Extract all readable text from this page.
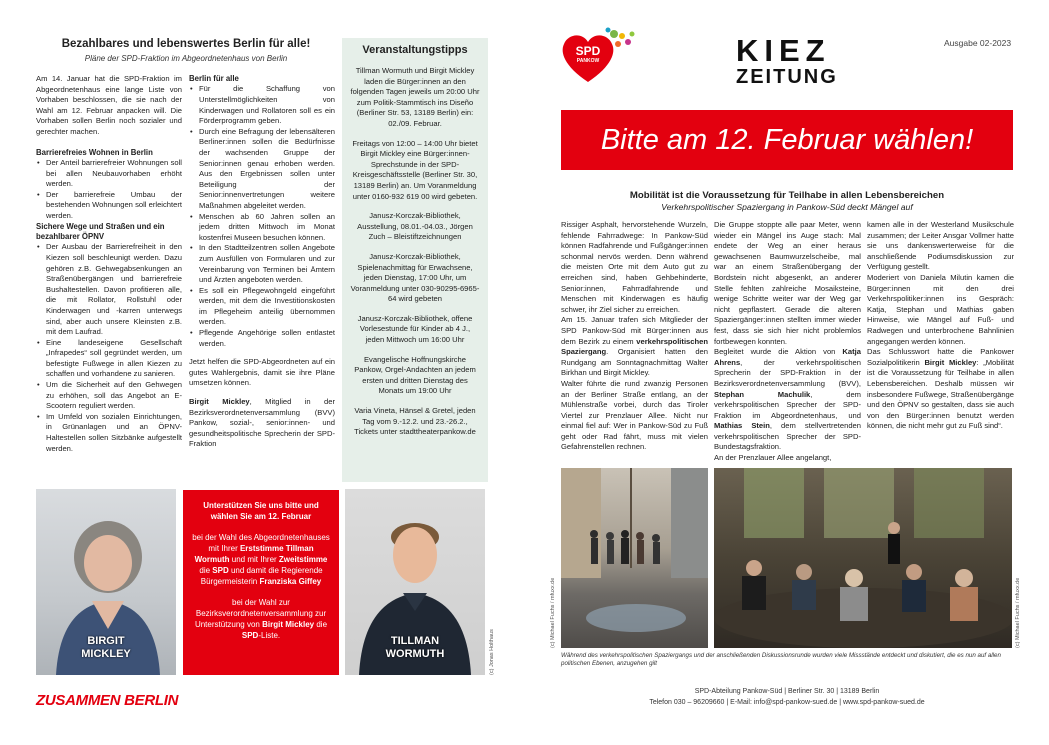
Bezahlbares und lebenswertes Berlin für alle!
Pläne der SPD-Fraktion im Abgeordnetenhaus von Berlin

Am 14. Januar hat die SPD-Fraktion im Abgeordnetenhaus eine lange Liste von Vorhaben beschlossen, die sie nach der Wahl am 12. Februar anpacken will. Die Vorhaben sollen Berlin noch sozialer und gerechter machen.

Barrierefreies Wohnen in Berlin
• Der Anteil barrierefreier Wohnungen soll bei allen Neubauvorhaben erhöht werden.
• Der barrierefreie Umbau der bestehenden Wohnungen soll erleichtert werden.
Sichere Wege und Straßen und ein bezahlbarer ÖPNV
• Der Ausbau der Barrierefreiheit in den Kiezen soll beschleunigt werden. Dazu gehören z.B. Gehwegabsenkungen an Straßenübergängen und barrierefreie Bushaltestellen. Davon profitieren alle, die mit Rollator, Rollstuhl oder Kinderwagen und -karren unterwegs sind, aber auch unsere Kleinsten z.B. mit dem Laufrad.
• Eine landeseigene Gesellschaft „Infrapedes“ soll gegründet werden, um befestigte Fußwege in allen Kiezen zu schaffen und vorhandene zu sanieren.
• Um die Sicherheit auf den Gehwegen zu erhöhen, soll das Angebot an E-Scootern reguliert werden.
• Im Umfeld von sozialen Einrichtungen, in Grünanlagen und an ÖPNV-Haltestellen sollen Sitzbänke aufgestellt werden.
Berlin für alle
• Für die Schaffung von Unterstellmöglichkeiten von Kinderwagen und Rollatoren soll es ein Förderprogramm geben.
• Durch eine Befragung der lebensälteren Berliner:innen sollen die Bedürfnisse der wachsenden Gruppe der Senior:innen genau erhoben werden. Aus den Ergebnissen sollen unter Beteiligung der Senior:innenvertretungen weitere Maßnahmen abgeleitet werden.
• Menschen ab 60 Jahren sollen an jedem dritten Mittwoch im Monat kostenfrei Museen besuchen können.
• In den Stadtteilzentren sollen Angebote zum Ausfüllen von Formularen und zur Vereinbarung von Terminen bei Ämtern und Ärzten angeboten werden.
• Es soll ein Pflegewohngeld eingeführt werden, mit dem die Investitionskosten im Pflegeheim anteilig übernommen werden.
• Pflegende Angehörige sollen entlastet werden.

Jetzt helfen die SPD-Abgeordneten auf ein gutes Wahlergebnis, damit sie ihre Pläne umsetzen können.

Birgit Mickley, Mitglied in der Bezirksverordnetenversammlung (BVV) Pankow, sozial-, senior:innen- und gesundheitspolitische Sprecherin der SPD-Fraktion

Veranstaltungstipps

Tillman Wormuth und Birgit Mickley laden die Bürger:innen an den folgenden Tagen jeweils um 20:00 Uhr zum Politik-Stammtisch ins Diseño (Berliner Str. 53, 13189 Berlin) ein: 02./09. Februar.

Freitags von 12:00 – 14:00 Uhr bietet Birgit Mickley eine Bürger:innen-Sprechstunde in der SPD-Kreisgeschäftsstelle (Berliner Str. 30, 13189 Berlin) an. Um Voranmeldung unter 0160-932 619 00 wird gebeten.

Janusz-Korczak-Bibliothek, Ausstellung, 08.01.-04.03., Jörgen Zuch – Bleistiftzeichnungen

Janusz-Korczak-Bibliothek, Spielenachmittag für Erwachsene, jeden Dienstag, 17:00 Uhr, um Voranmeldung unter 030-90295-6965-64 wird gebeten

Janusz-Korczak-Bibliothek, offene Vorlesestunde für Kinder ab 4 J., jeden Mittwoch um 16:00 Uhr

Evangelische Hoffnungskirche Pankow, Orgel-Andachten an jedem ersten und dritten Dienstag des Monats um 19:00 Uhr

Varia Vineta, Hänsel & Gretel, jeden Tag vom 9.-12.2. und 23.-26.2., Tickets unter stadttheaterpankow.de

BIRGIT
MICKLEY
Unterstützen Sie uns bitte und wählen Sie am 12. Februar

bei der Wahl des Abgeordnetenhauses mit Ihrer Erststimme Tillman Wormuth und mit Ihrer Zweitstimme die SPD und damit die Regierende Bürgermeisterin Franziska Giffey

bei der Wahl zur Bezirksverordnetenversammlung zur Unterstützung von Birgit Mickley die SPD-Liste.	TILLMAN
WORMUTH	(c) Jonas Holthaus
ZUSAMMEN BERLIN
SPD
PANKOW	KIEZ
ZEITUNG
Ausgabe 02-2023
Bitte am 12. Februar wählen!
Mobilität ist die Voraussetzung für Teilhabe in allen Lebensbereichen
Verkehrspolitischer Spaziergang in Pankow-Süd deckt Mängel auf

Rissiger Asphalt, hervorstehende Wurzeln, fehlende Fahrradwege: In Pankow-Süd können Radfahrende und Fußgänger:innen schonmal nervös werden. Denn während die meisten Orte mit dem Auto gut zu erreichen sind, haben Gehbehinderte, Senior:innen, Fahrradfahrende und Menschen mit Kinderwagen es häufig schwer, ihr Ziel sicher zu erreichen.

Am 15. Januar trafen sich Mitglieder der SPD Pankow-Süd mit Bürger:innen aus dem Bezirk zu einem verkehrspolitischen Spaziergang. Organisiert hatten den Rundgang am Sonntagnachmittag Walter Birkhan und Birgit Mickley.

Walter führte die rund zwanzig Personen an der Berliner Straße entlang, an der Mühlenstraße vorbei, durch das Tiroler Viertel zur Prenzlauer Allee. Nicht nur einmal fiel auf: Wer in Pankow-Süd zu Fuß geht oder Rad fährt, muss mit vielen Gefahrenstellen rechnen.

Die Gruppe stoppte alle paar Meter, wenn wieder ein Mängel ins Auge stach: Mal endete der Weg an einer heraus gewachsenen Baumwurzelscheibe, mal war an einem Straßenübergang der Bordstein nicht abgesenkt, an anderer Stelle fehlten zahlreiche Mosaiksteine, wenige Schritte weiter war der Weg gar nicht gepflastert. Gerade die alteren Spaziergänger:innen stellten immer wieder fest, dass sie sich hier nicht problemlos fortbewegen konnten.

Begleitet wurde die Aktion von Katja Ahrens, der verkehrspolitischen Sprecherin der SPD-Fraktion in der Bezirksverordnetenversammlung (BVV), Stephan Machulik, dem verkehrspolitischen Sprecher der SPD-Fraktion im Abgeordnetenhaus, und Mathias Stein, dem stellvertretenden verkehrspolitischen Sprecher der SPD-Bundestagsfraktion.

An der Prenzlauer Allee angelangt,

kamen alle in der Westerland Musikschule zusammen; der Leiter Ansgar Vollmer hatte sie uns dankenswerterweise für die anschließende Podiumsdiskussion zur Verfügung gestellt.

Moderiert von Daniela Milutin kamen die Bürger:innen mit den drei Verkehrspolitiker:innen ins Gespräch: Katja, Stephan und Mathias gaben Hinweise, wie Mängel auf Fuß- und Radwegen und unterbrochene Bahnlinien angegangen werden können.

Das Schlusswort hatte die Pankower Sozialpolitikerin Birgit Mickley: „Mobilität ist die Voraussetzung für Teilhabe in allen Lebensbereichen. Deshalb müssen wir insbesondere Fußwege, Straßenübergänge und den ÖPNV so gestalten, dass sie auch von den Bürger:innen benutzt werden können, die nicht mehr gut zu Fuß sind“.

(c) Michael Fuchs / mfuxx.de	(c) Michael Fuchs / mfuxx.de
Während des verkehrspolitischen Spaziergangs und der anschließenden Diskussionsrunde wurden viele Missstände entdeckt und diskutiert, die es nun auf allen politischen Ebenen, anzugehen gilt
SPD-Abteilung Pankow-Süd | Berliner Str. 30 | 13189 Berlin
Telefon 030 – 96209660 | E-Mail: info@spd-pankow-sued.de | www.spd-pankow-sued.de
